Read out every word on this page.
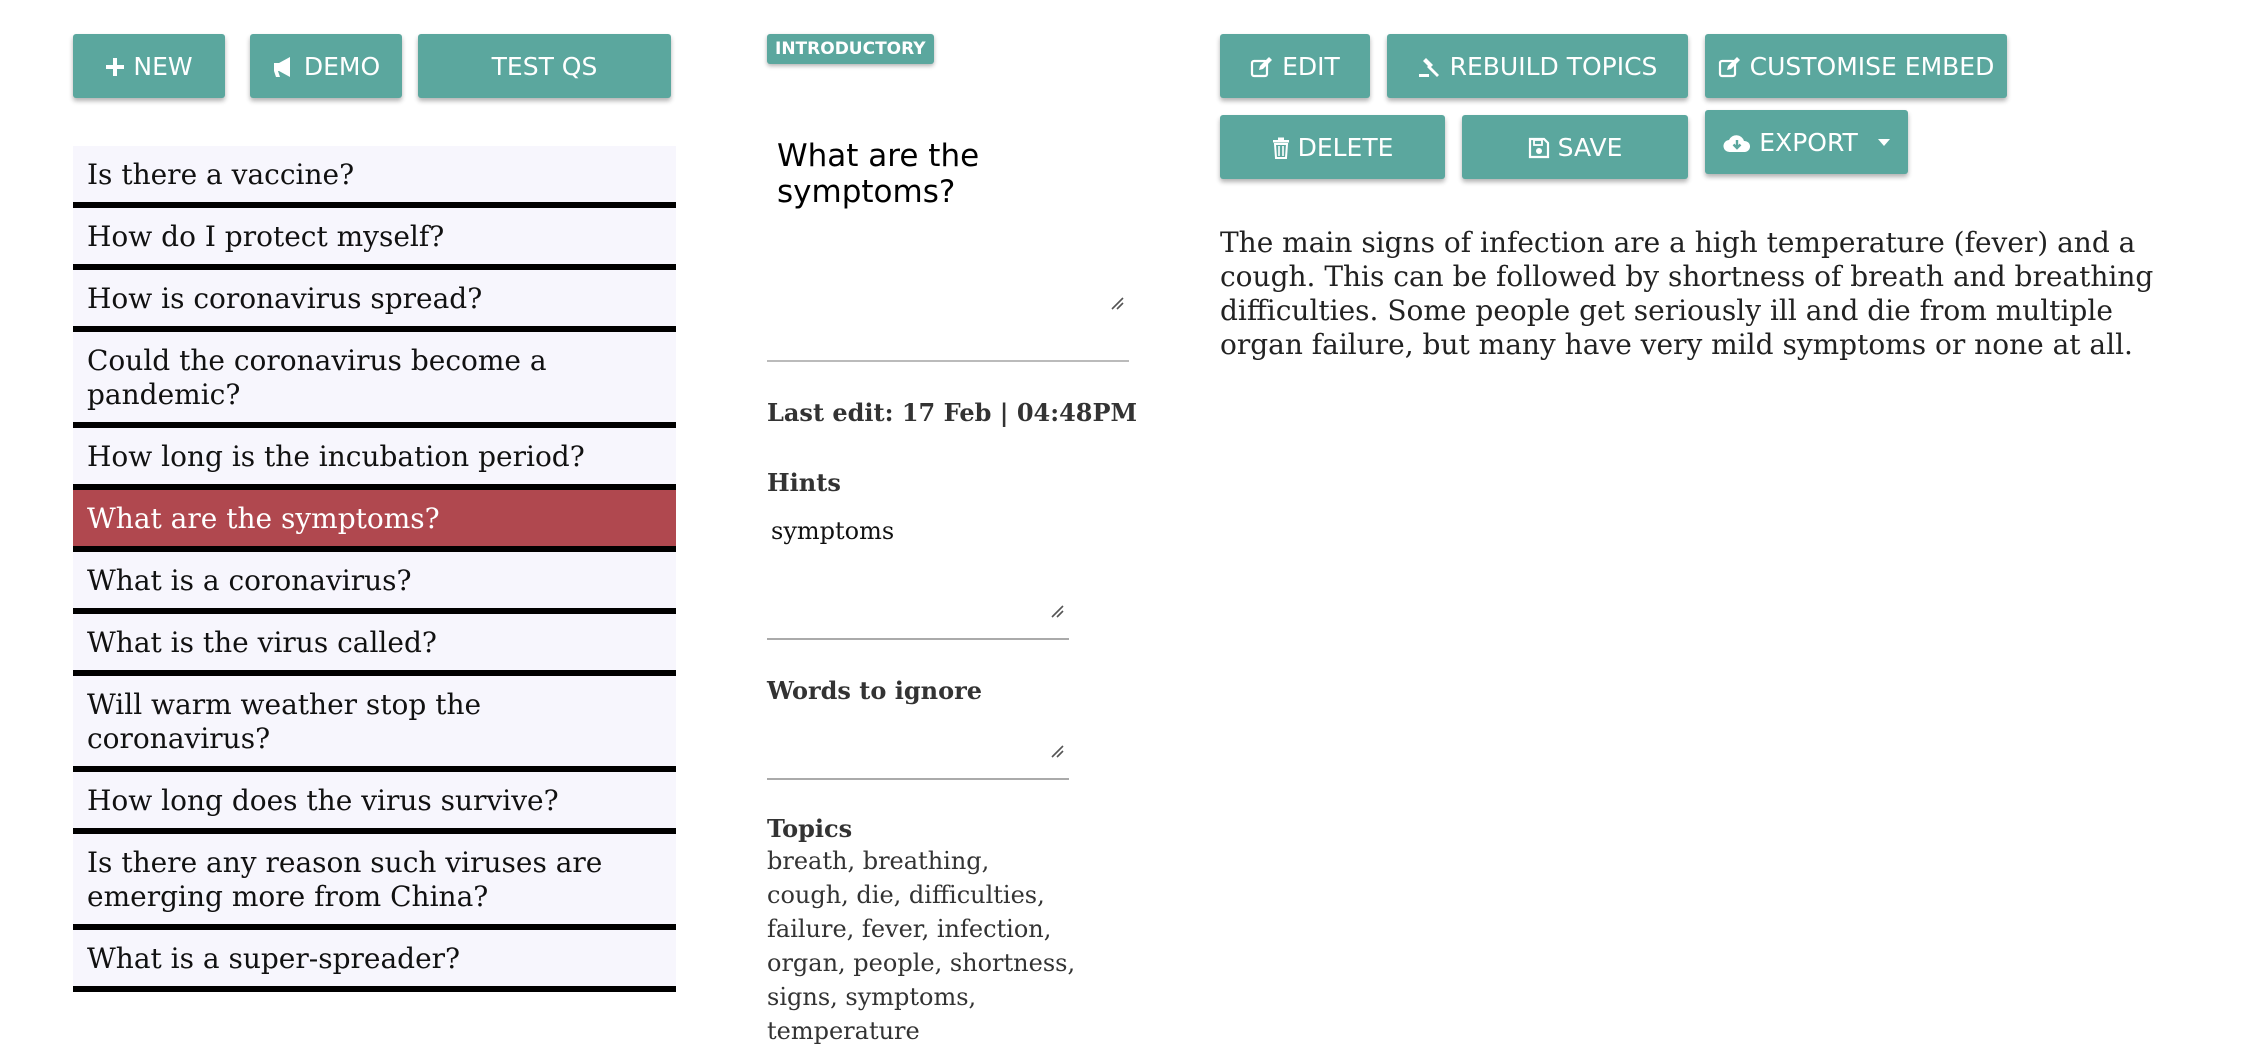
NEW	DEMO	TEST QS
Is there a vaccine?
How do I protect myself?
How is coronavirus spread?
Could the coronavirus become a pandemic?
How long is the incubation period?
What are the symptoms?
What is a coronavirus?
What is the virus called?
Will warm weather stop the coronavirus?
How long does the virus survive?
Is there any reason such viruses are emerging more from China?
What is a super-spreader?
INTRODUCTORY
What are the symptoms?
Last edit: 17 Feb | 04:48PM
Hints
symptoms
Words to ignore
Topics
breath, breathing, cough, die, difficulties, failure, fever, infection, organ, people, shortness, signs, symptoms, temperature
EDIT	REBUILD TOPICS	CUSTOMISE EMBED
DELETE	SAVE	EXPORT
The main signs of infection are a high temperature (fever) and a cough. This can be followed by shortness of breath and breathing difficulties. Some people get seriously ill and die from multiple organ failure, but many have very mild symptoms or none at all.
